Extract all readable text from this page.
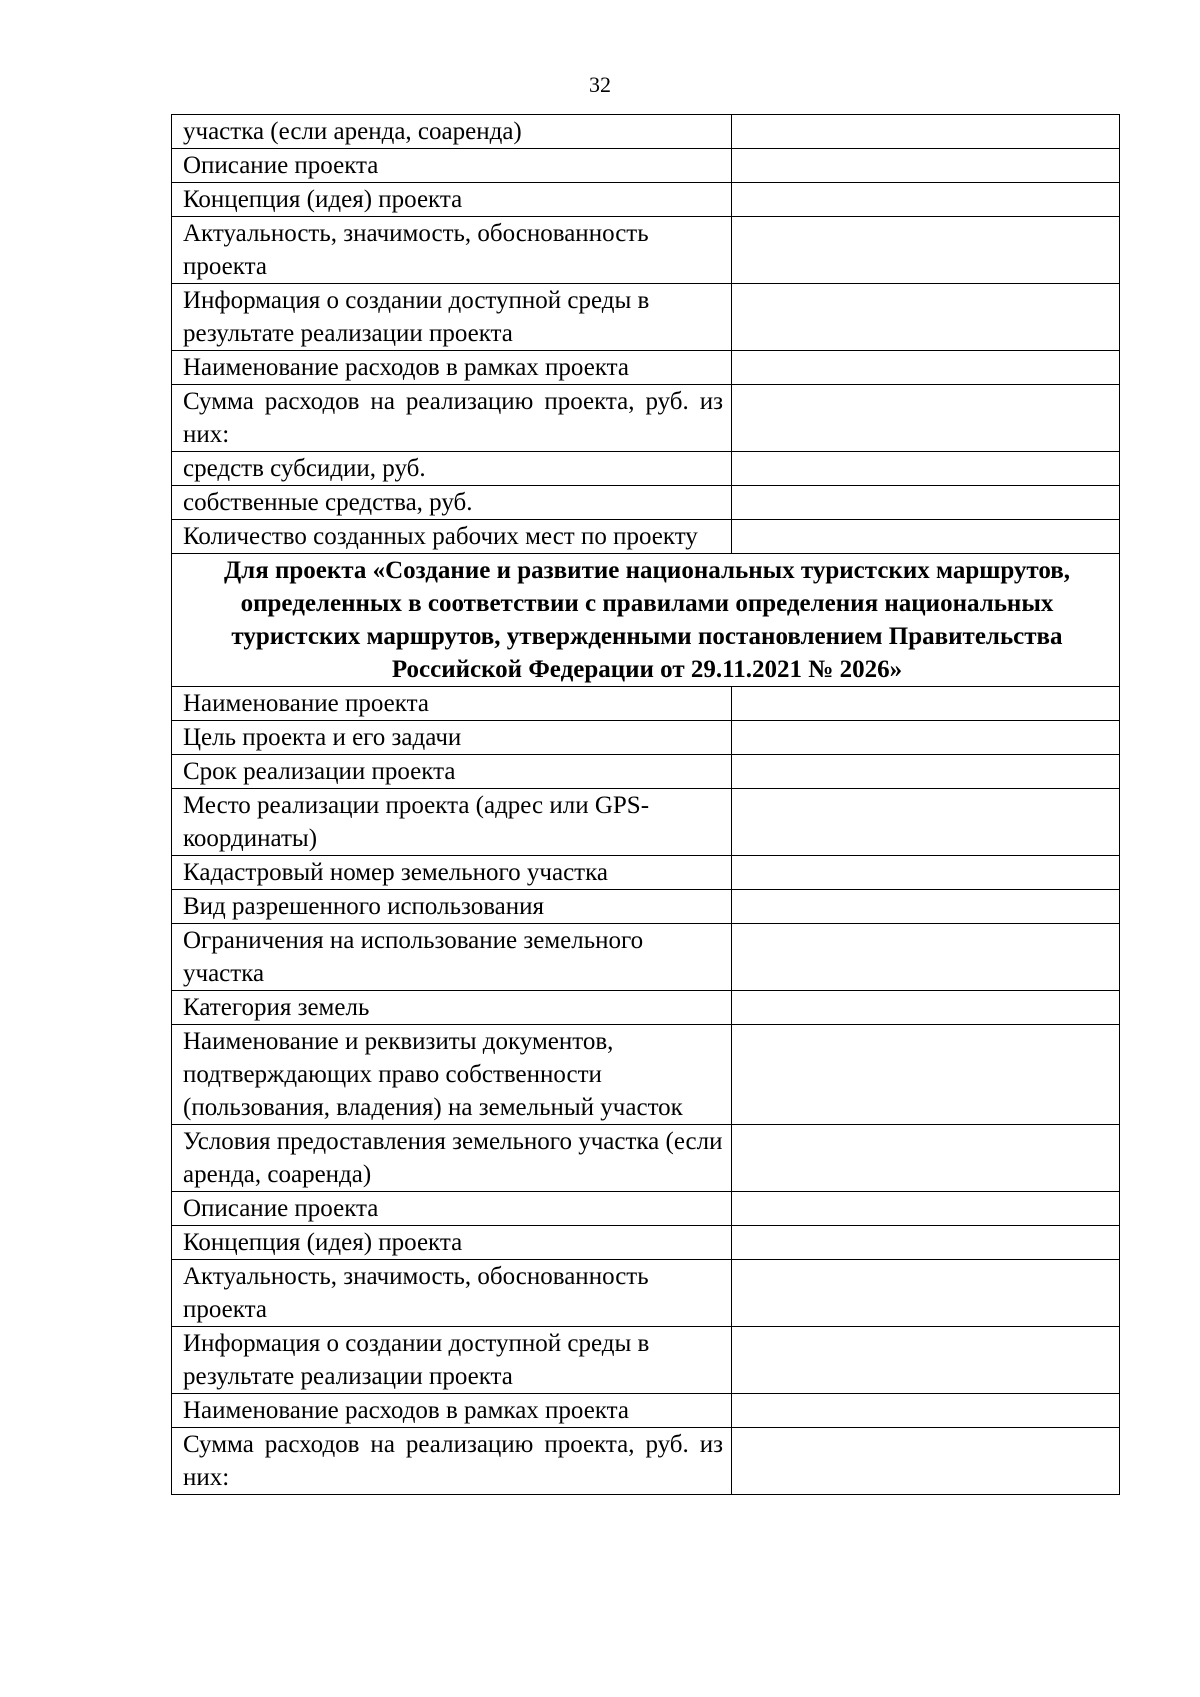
32
участка (если аренда, соаренда)	
Описание проекта	
Концепция (идея) проекта	
Актуальность, значимость, обоснованность проекта	
Информация о создании доступной среды в результате реализации проекта	
Наименование расходов в рамках проекта	
Сумма расходов на реализацию проекта, руб. из них:	
средств субсидии, руб.	
собственные средства, руб.	
Количество созданных рабочих мест по проекту	
Для проекта «Создание и развитие национальных туристских маршрутов, определенных в соответствии с правилами определения национальных туристских маршрутов, утвержденными постановлением Правительства Российской Федерации от 29.11.2021 № 2026»	
Наименование проекта	
Цель проекта и его задачи	
Срок реализации проекта	
Место реализации проекта (адрес или GPS-координаты)	
Кадастровый номер земельного участка	
Вид разрешенного использования	
Ограничения на использование земельного участка	
Категория земель	
Наименование и реквизиты документов, подтверждающих право собственности (пользования, владения) на земельный участок	
Условия предоставления земельного участка (если аренда, соаренда)	
Описание проекта	
Концепция (идея) проекта	
Актуальность, значимость, обоснованность проекта	
Информация о создании доступной среды в результате реализации проекта	
Наименование расходов в рамках проекта	
Сумма расходов на реализацию проекта, руб. из них:	
